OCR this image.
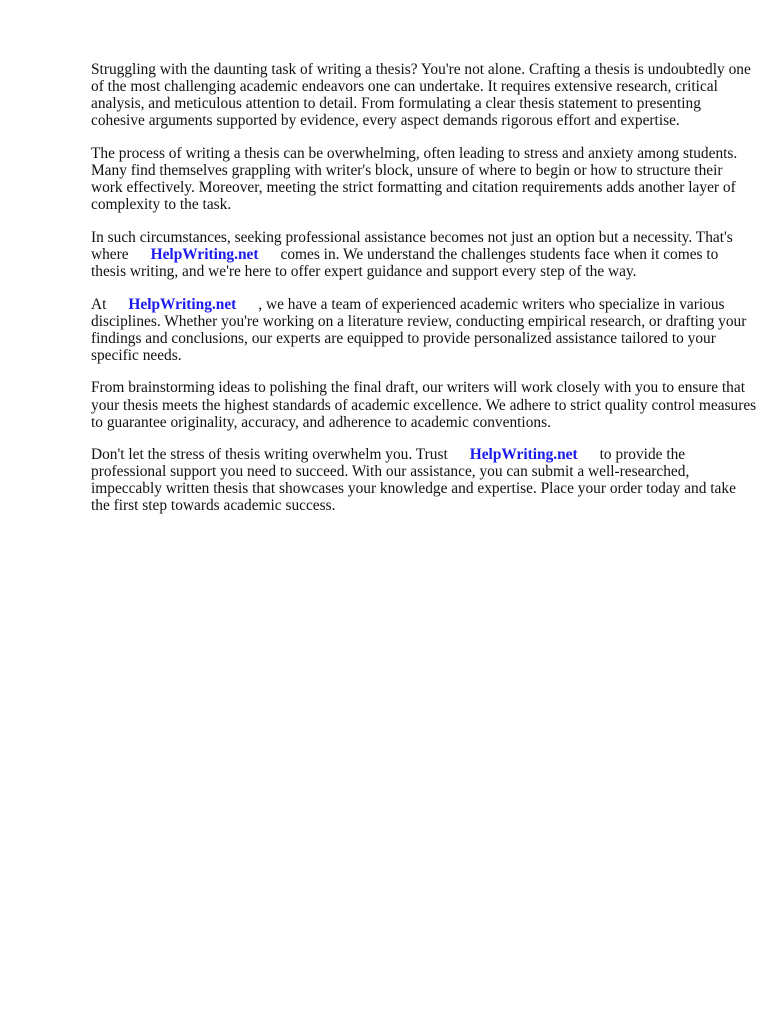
Struggling with the daunting task of writing a thesis? You're not alone. Crafting a thesis is undoubtedly one of the most challenging academic endeavors one can undertake. It requires extensive research, critical analysis, and meticulous attention to detail. From formulating a clear thesis statement to presenting cohesive arguments supported by evidence, every aspect demands rigorous effort and expertise.

The process of writing a thesis can be overwhelming, often leading to stress and anxiety among students. Many find themselves grappling with writer's block, unsure of where to begin or how to structure their work effectively. Moreover, meeting the strict formatting and citation requirements adds another layer of complexity to the task.

In such circumstances, seeking professional assistance becomes not just an option but a necessity. That's where HelpWriting.net comes in. We understand the challenges students face when it comes to thesis writing, and we're here to offer expert guidance and support every step of the way.

At HelpWriting.net , we have a team of experienced academic writers who specialize in various disciplines. Whether you're working on a literature review, conducting empirical research, or drafting your findings and conclusions, our experts are equipped to provide personalized assistance tailored to your specific needs.

From brainstorming ideas to polishing the final draft, our writers will work closely with you to ensure that your thesis meets the highest standards of academic excellence. We adhere to strict quality control measures to guarantee originality, accuracy, and adherence to academic conventions.

Don't let the stress of thesis writing overwhelm you. Trust HelpWriting.net to provide the professional support you need to succeed. With our assistance, you can submit a well-researched, impeccably written thesis that showcases your knowledge and expertise. Place your order today and take the first step towards academic success.
